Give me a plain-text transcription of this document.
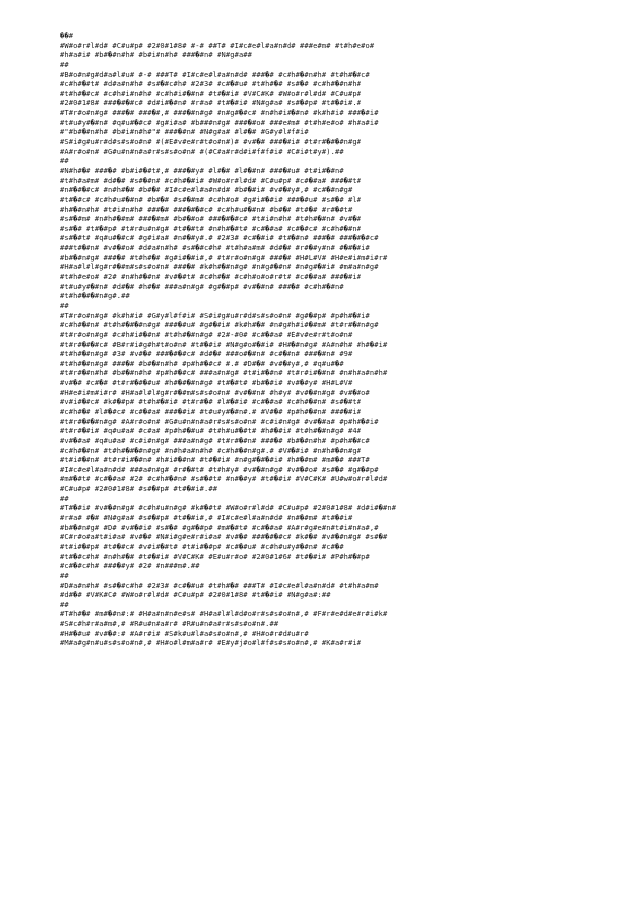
��#
#W#o#r#l#d# #C#u#p# #2#0#1#8# #-# ##T# #I#c#e#l#a#n#d# ###e#m# #t#h#e#o#
#h#a#i# #b#�#n#h# #b#i#n#h# ###�#n# #N#g#a##
##
#B#o#n#g#d#a#l#u# #-# ###T# #I#c#e#l#a#n#d# ###�# #c#h#�#n#h# #t#h#�#c#
#c#h#�#t# #d#a#n#h# #s#�#c#h# #2#3# #c#�#u# #t#h#�# #s#�# #c#h#�#n#h#
#t#h#�#c# #c#h#i#n#h# #c#h#i#�#n# #t#�#i# #V#C#K# #W#o#r#l#d# #C#u#p#
#2#0#1#8# ###�#�#c# #d#i#�#n# #r#a# #t#�#i# #N#g#a# #s#�#p# #t#�#i#.#
#T#r#o#n#g# ###�# ###�#,# ###�#n#g# #n#g#�#c# #n#h#i#�#n# #k#h#i# ###�#i#
#t#u#y#�#n# #q#u#�#c# #g#i#a# #b###n#g# ###�#o# ###e#m# #t#h#e#o# #h#a#i#
#"#b#�#n#h# #b#i#n#h#"# ###�#n# #N#g#a# #l#�# #G#y#l#f#i#
#S#i#g#u#r#d#s#s#o#n# #(#E#v#e#r#t#o#n#)# #v#�# ###�#i# #t#r#�#�#n#g#
#A#r#o#n# #G#u#n#n#a#r#s#s#o#n# #(#C#a#r#d#i#f#f#i# #C#i#t#y#).##
##
#N#h#�# ###�# #b#i#�#t#,# ###�#y# #l#�# #l#�#n# ###�#u# #t#i#�#n#
#t#h#a#m# #d#�# #s#�#n# #c#h#�#i# #W#o#r#l#d# #C#u#p# #c#�#a# ###�#t#
#n#�#�#c# #n#h#�# #b#�# #I#c#e#l#a#n#d# #b#�#i# #v#�#y#,# #c#�#n#g#
#t#�#c# #c#h#u#�#n# #b#�# #s#�#m# #c#h#o# #g#i#�#i# ###�#u# #s#�# #l#
#h#�#n#h# #t#i#n#h# ###�# ###�#�#c# #c#h#u#�#n# #b#�# #t#�# #r#�#t#
#s#�#m# #n#h#�#m# ###�#m# #b#�#o# ###�#�#c# #t#i#n#h# #t#h#�#n# #v#�#
#s#�# #t#�#p# #t#r#u#n#g# #t#�#t# #n#h#�#t# #c#�#a# #c#�#c# #c#h#�#n#
#s#�#t# #q#u#�#c# #g#i#a# #n#�#y#.# #2#3# #c#�#i# #t#�#n# ###�# ###�#�#c#
###t#�#n# #v#�#o# #d#a#n#h# #s#�#c#h# #t#h#a#m# #d#�# #r#�#y#n# #�#�#i#
#b#�#n#g# ###�# #t#h#�# #g#i#�#i#,# #t#r#o#n#g# ###�# #H#L#V# #H#e#i#m#i#r#
#H#a#l#l#g#r#�#m#s#s#o#n# ###�# #k#h#�#n#g# #n#g#�#n# #n#g#�#i# #m#a#n#g#
#t#h#e#o# #2# #n#h#�#n# #v#�#t# #c#h#�# #c#h#o#o#r#t# #c#�#a# ###�#i#
#t#u#y#�#n# #d#�# #h#�# ###a#n#g# #g#�#p# #v#�#n# ###�# #c#h#�#n#
#t#h#�#�#n#g#.##
##
#T#r#o#n#g# #k#h#i# #G#y#l#f#i# #S#i#g#u#r#d#s#s#o#n# #g#�#p# #p#h#�#i#
#c#h#�#n# #t#h#�#�#n#g# ###�#u# #g#�#i# #k#h#�# #n#g#h#i#�#m# #t#r#�#n#g#
#t#r#o#n#g# #c#h#i#�#n# #t#h#�#n#g# #2#-#0# #c#�#a# #É#v#e#r#t#o#n#
#t#r#�#�#c# #B#r#i#g#h#t#o#n# #t#�#i# #N#g#o#�#i# #H#�#n#g# #A#n#h# #h#�#i#
#t#h#�#n#g# #3# #v#�# ###�#�#c# #d#�# ###o#�#n# #c#�#n# ###�#n# #9#
#t#h#�#n#g# ###�# #b#�#n#h# #p#h#�#c# #.# #D#�# #v#�#y#,# #q#u#�#
#t#r#�#n#h# #b#�#n#h# #p#h#�#c# ###a#n#g# #t#i#�#n# #t#r#i#�#n# #n#h#a#n#h#
#v#�# #c#�# #t#r#�#�#u# #h#�#�#n#g# #t#�#t# #b#�#i# #v#�#y# #H#L#V#
#H#e#i#m#i#r# #H#a#l#l#g#r#�#m#s#s#o#n# #v#�#n# #h#y# #v#�#n#g# #v#�#o#
#v#i#�#c# #k#�#p# #t#h#�#i# #t#r#�# #l#�#i# #c#�#a# #c#h#�#n# #s#�#t#
#c#h#�# #l#�#c# #c#�#a# ###�#i# #t#u#y#�#n#.# #V#�# #p#h#�#n# ###�#i#
#t#r#�#�#n#g# #A#r#o#n# #G#u#n#n#a#r#s#s#o#n# #c#i#n#g# #v#�#a# #p#h#�#i#
#t#r#�#i# #q#u#a# #c#a# #p#h#�#u# #t#h#u#�#t# #h#�#i# #t#h#�#n#g# #4#
#v#�#a# #q#u#a# #c#i#n#g# ###a#n#g# #t#r#�#n# ###�# #b#�#n#h# #p#h#�#c#
#c#h#�#n# #t#h#�#�#n#g# #n#h#a#n#h# #c#h#�#n#g#.# #V#�#i# #n#h#�#n#g#
#t#i#�#n# #t#r#i#�#n# #h#i#�#n# #t#�#i# #n#g#�#�#i# #h#�#m# #m#�# ###T#
#I#c#e#l#a#n#d# ###a#n#g# #r#�#t# #t#h#y# #v#�#n#g# #v#�#o# #s#�# #g#�#p#
#m#�#t# #c#�#a# #2# #c#h#�#n# #s#�#t# #n#�#y# #t#�#i# #V#C#K# #U#w#o#r#l#d#
#C#u#p# #2#0#1#8# #s#�#p# #t#�#i#.##
##
#T#�#i# #v#�#n#g# #c#h#u#n#g# #k#�#t# #W#o#r#l#d# #C#u#p# #2#0#1#8# #d#i#�#n#
#r#a# #�# #N#g#a# #s#�#p# #t#�#i#,# #I#c#e#l#a#n#d# #n#�#m# #t#�#i#
#b#�#n#g# #D# #v#�#i# #s#�# #g#�#p# #m#�#t# #c#�#a# #A#r#g#e#n#t#i#n#a#,#
#C#r#o#a#t#i#a# #v#�# #N#i#g#e#r#i#a# #v#�# ###�#�#c# #k#�# #v#�#n#g# #s#�#
#t#i#�#p# #t#�#c# #v#i#�#t# #t#i#�#p# #c#�#u# #c#h#u#y#�#n# #c#�#
#t#�#c#h# #n#h#�# #t#�#i# #V#C#K# #E#u#r#o# #2#0#1#6# #t#�#i# #P#h#�#p#
#c#�#c#h# ###�#y# #2# #n###m#.##
##
#D#a#n#h# #s#�#c#h# #2#3# #c#�#u# #t#h#�# ###T# #I#c#e#l#a#n#d# #t#h#a#m#
#d#�# #V#K#C# #W#o#r#l#d# #C#u#p# #2#0#1#8# #t#�#i# #N#g#a#:##
##
#T#h#�# #m#�#n#:# #H#a#n#n#e#s# #H#a#l#l#d#o#r#s#s#o#n#,# #F#r#e#d#e#r#i#k#
#S#c#h#r#a#m#,# #R#u#n#a#r# #R#u#n#a#r#s#s#o#n#.##
#H#�#u# #v#�#:# #A#r#i# #S#k#u#l#a#s#o#n#,# #H#o#r#d#u#r#
#M#a#g#n#u#s#s#o#n#,# #H#o#l#m#a#r# #E#y#j#o#l#f#s#s#o#n#,# #K#a#r#i#
